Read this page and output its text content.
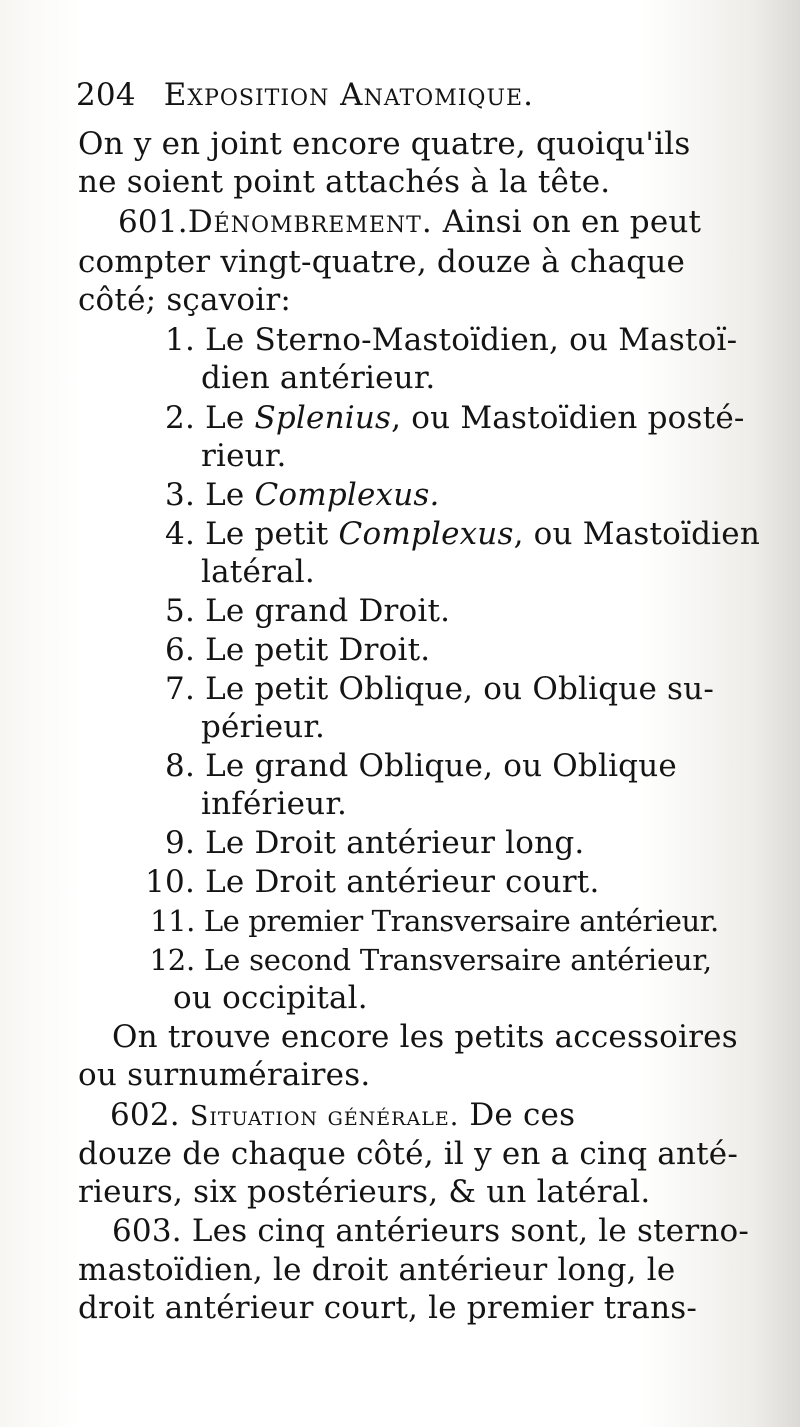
204 Exposition Anatomique.
On y en joint encore quatre, quoiqu'ils
ne soient point attachés à la tête.
601.Dénombrement. Ainsi on en peut
compter vingt-quatre, douze à chaque
côté; sçavoir:
1. Le Sterno-Mastoïdien, ou Mastoï-
dien antérieur.
2. Le Splenius, ou Mastoïdien posté-
rieur.
3. Le Complexus.
4. Le petit Complexus, ou Mastoïdien
latéral.
5. Le grand Droit.
6. Le petit Droit.
7. Le petit Oblique, ou Oblique su-
périeur.
8. Le grand Oblique, ou Oblique
inférieur.
9. Le Droit antérieur long.
10. Le Droit antérieur court.
11. Le premier Transversaire antérieur.
12. Le second Transversaire antérieur,
ou occipital.
On trouve encore les petits accessoires
ou surnuméraires.
602. Situation générale. De ces
douze de chaque côté, il y en a cinq anté-
rieurs, six postérieurs, & un latéral.
603. Les cinq antérieurs sont, le sterno-
mastoïdien, le droit antérieur long, le
droit antérieur court, le premier trans-
